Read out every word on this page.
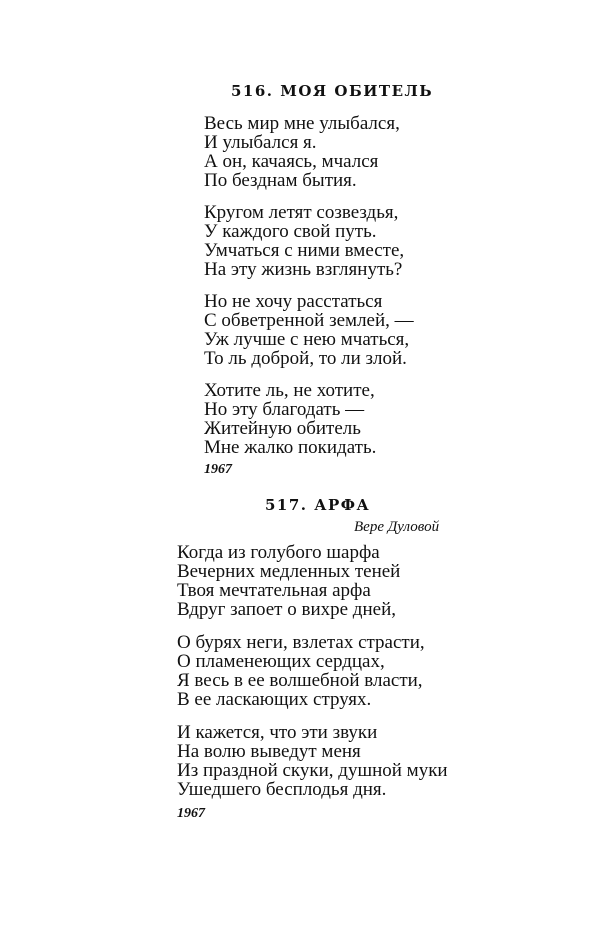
516. МОЯ ОБИТЕЛЬ
Весь мир мне улыбался,
И улыбался я.
А он, качаясь, мчался
По безднам бытия.
Кругом летят созвездья,
У каждого свой путь.
Умчаться с ними вместе,
На эту жизнь взглянуть?
Но не хочу расстаться
С обветренной землей, —
Уж лучше с нею мчаться,
То ль доброй, то ли злой.
Хотите ль, не хотите,
Но эту благодать —
Житейную обитель
Мне жалко покидать.
1967
517. АРФА
Вере Дуловой
Когда из голубого шарфа
Вечерних медленных теней
Твоя мечтательная арфа
Вдруг запоет о вихре дней,
О бурях неги, взлетах страсти,
О пламенеющих сердцах,
Я весь в ее волшебной власти,
В ее ласкающих струях.
И кажется, что эти звуки
На волю выведут меня
Из праздной скуки, душной муки
Ушедшего бесплодья дня.
1967
